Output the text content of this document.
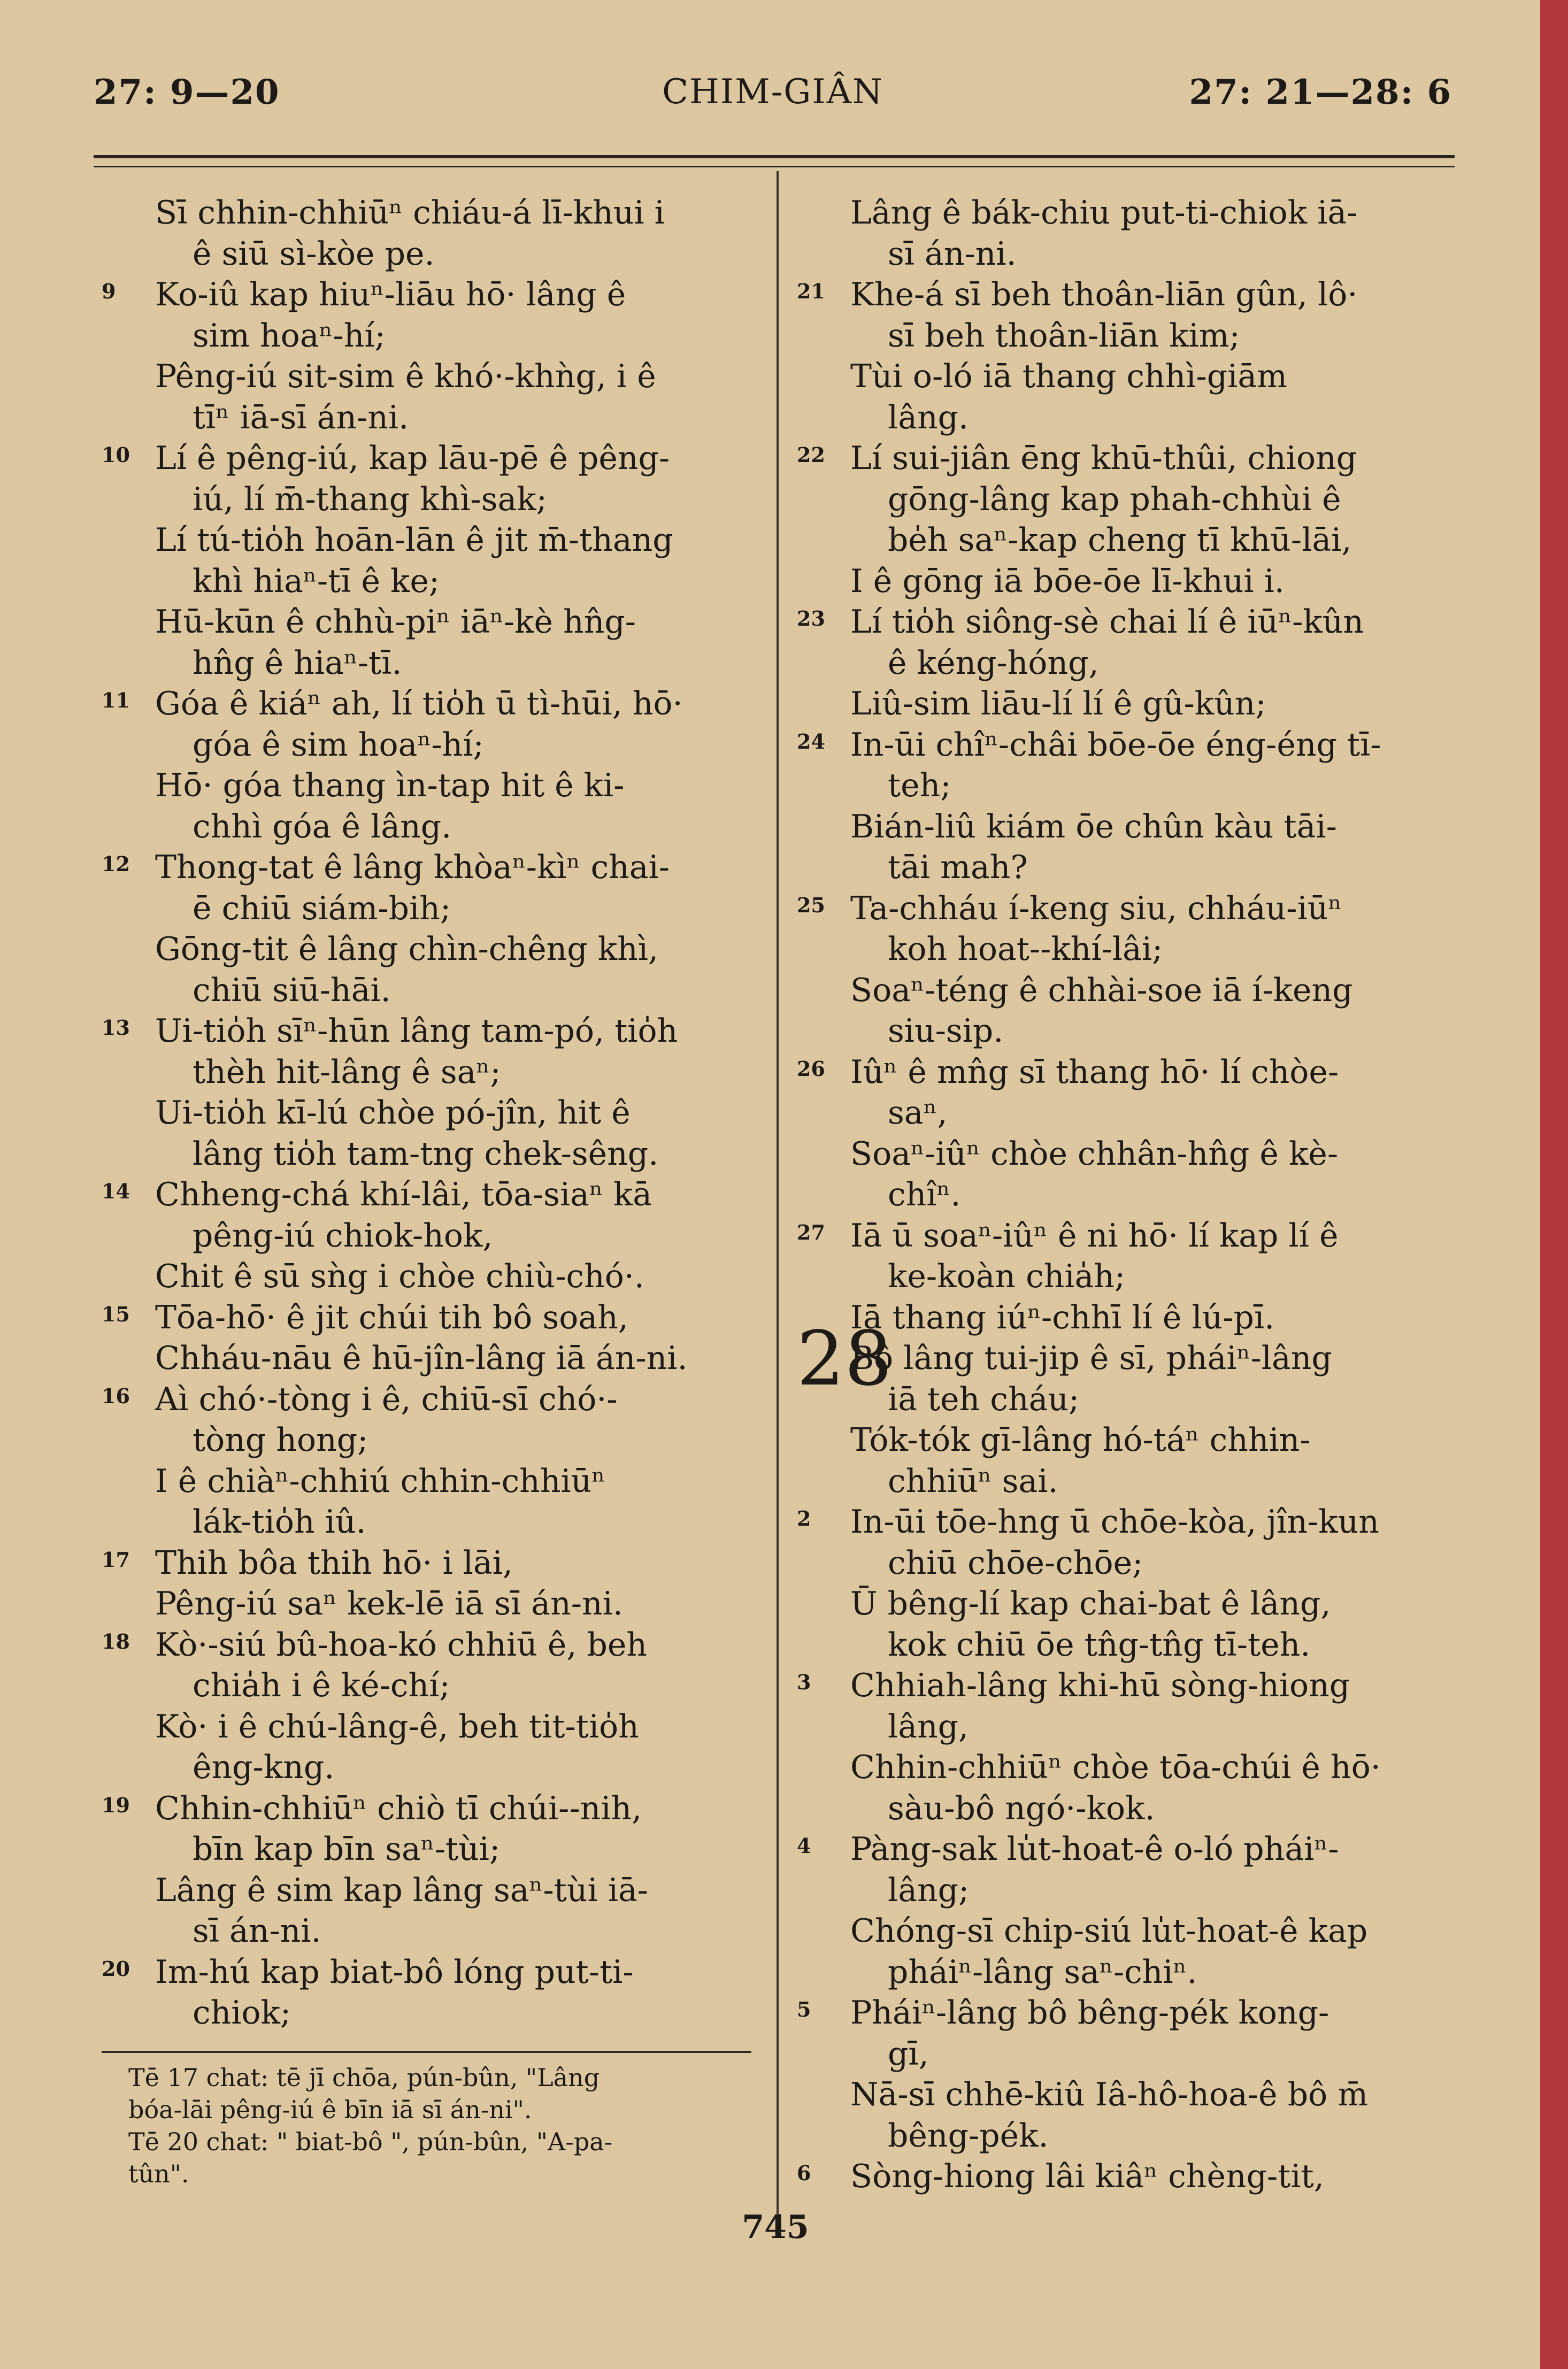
27: 9—20	CHIM-GIÂN	27: 21—28: 6
Sī chhin-chhiūⁿ chiáu-á lī-khui i
ê siū sì-kòe pe.
9 Ko-iû kap hiuⁿ-liāu hō· lâng ê
sim hoaⁿ-hí;
Pêng-iú sit-sim ê khó·-khǹg, i ê
tīⁿ iā-sī án-ni.
10 Lí ê pêng-iú, kap lāu-pē ê pêng-
iú, lí m̄-thang khì-sak;
Lí tú-tio̍h hoān-lān ê jit m̄-thang
khì hiaⁿ-tī ê ke;
Hū-kūn ê chhù-piⁿ iāⁿ-kè hn̂g-
hn̂g ê hiaⁿ-tī.
11 Góa ê kiáⁿ ah, lí tio̍h ū tì-hūi, hō·
góa ê sim hoaⁿ-hí;
Hō· góa thang ìn-tap hit ê ki-
chhì góa ê lâng.
12 Thong-tat ê lâng khòaⁿ-kìⁿ chai-
ē chiū siám-bih;
Gōng-tit ê lâng chìn-chêng khì,
chiū siū-hāi.
13 Ui-tio̍h sīⁿ-hūn lâng tam-pó, tio̍h
thèh hit-lâng ê saⁿ;
Ui-tio̍h kī-lú chòe pó-jîn, hit ê
lâng tio̍h tam-tng chek-sêng.
14 Chheng-chá khí-lâi, tōa-siaⁿ kā
pêng-iú chiok-hok,
Chit ê sū sǹg i chòe chiù-chó·.
15 Tōa-hō· ê jit chúi tih bô soah,
Chháu-nāu ê hū-jîn-lâng iā án-ni.
16 Aì chó·-tòng i ê, chiū-sī chó·-
tòng hong;
I ê chiàⁿ-chhiú chhin-chhiūⁿ
lák-tio̍h iû.
17 Thih bôa thih hō· i lāi,
Pêng-iú saⁿ kek-lē iā sī án-ni.
18 Kò·-siú bû-hoa-kó chhiū ê, beh
chia̍h i ê ké-chí;
Kò· i ê chú-lâng-ê, beh tit-tio̍h
êng-kng.
19 Chhin-chhiūⁿ chiò tī chúi--nih,
bīn kap bīn saⁿ-tùi;
Lâng ê sim kap lâng saⁿ-tùi iā-
sī án-ni.
20 Im-hú kap biat-bô lóng put-ti-
chiok;
Lâng ê bák-chiu put-ti-chiok iā-
sī án-ni.
21 Khe-á sī beh thoân-liān gûn, lô·
sī beh thoân-liān kim;
Tùi o-ló iā thang chhì-giām
lâng.
22 Lí sui-jiân ēng khū-thûi, chiong
gōng-lâng kap phah-chhùi ê
be̍h saⁿ-kap cheng tī khū-lāi,
I ê gōng iā bōe-ōe lī-khui i.
23 Lí tio̍h siông-sè chai lí ê iūⁿ-kûn
ê kéng-hóng,
Liû-sim liāu-lí lí ê gû-kûn;
24 In-ūi chîⁿ-châi bōe-ōe éng-éng tī-
teh;
Bián-liû kiám ōe chûn kàu tāi-
tāi mah?
25 Ta-chháu í-keng siu, chháu-iūⁿ
koh hoat--khí-lâi;
Soaⁿ-téng ê chhài-soe iā í-keng
siu-sip.
26 Iûⁿ ê mn̂g sī thang hō· lí chòe-
saⁿ,
Soaⁿ-iûⁿ chòe chhân-hn̂g ê kè-
chîⁿ.
27 Iā ū soaⁿ-iûⁿ ê ni hō· lí kap lí ê
ke-koàn chia̍h;
Iā thang iúⁿ-chhī lí ê lú-pī.
28
Bô lâng tui-jip ê sī, pháiⁿ-lâng
iā teh cháu;
Tók-tók gī-lâng hó-táⁿ chhin-
chhiūⁿ sai.
2 In-ūi tōe-hng ū chōe-kòa, jîn-kun
chiū chōe-chōe;
Ū bêng-lí kap chai-bat ê lâng,
kok chiū ōe tn̂g-tn̂g tī-teh.
3 Chhiah-lâng khi-hū sòng-hiong
lâng,
Chhin-chhiūⁿ chòe tōa-chúi ê hō·
sàu-bô ngó·-kok.
4 Pàng-sak lu̍t-hoat-ê o-ló pháiⁿ-
lâng;
Chóng-sī chip-siú lu̍t-hoat-ê kap
pháiⁿ-lâng saⁿ-chiⁿ.
5 Pháiⁿ-lâng bô bêng-pék kong-
gī,
Nā-sī chhē-kiû Iâ-hô-hoa-ê bô m̄
bêng-pék.
6 Sòng-hiong lâi kiâⁿ chèng-tit,
Tē 17 chat: tē jī chōa, pún-bûn, "Lâng
bóa-lāi pêng-iú ê bīn iā sī án-ni".
Tē 20 chat: " biat-bô ", pún-bûn, "A-pa-
tûn".
745
